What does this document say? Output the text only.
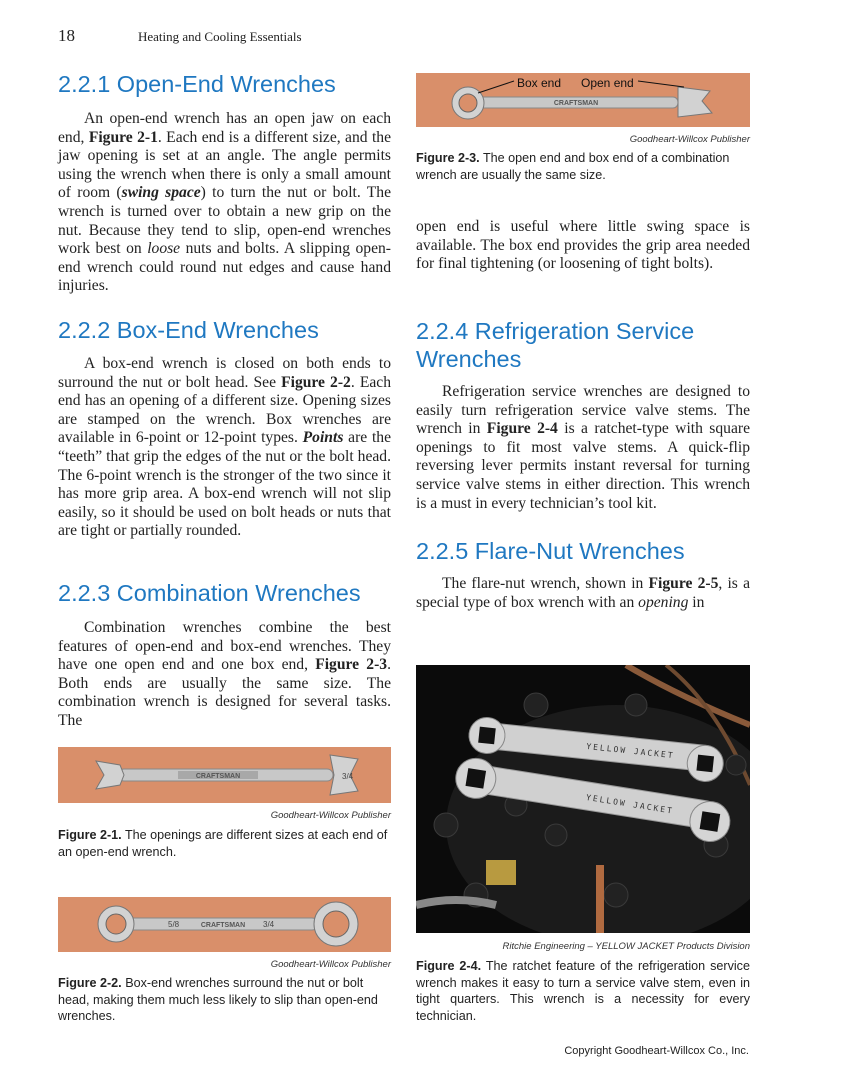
18	Heating and Cooling Essentials
2.2.1 Open-End Wrenches

An open-end wrench has an open jaw on each end, Figure 2-1. Each end is a different size, and the jaw opening is set at an angle. The angle permits using the wrench when there is only a small amount of room (swing space) to turn the nut or bolt. The wrench is turned over to obtain a new grip on the nut. Because they tend to slip, open-end wrenches work best on loose nuts and bolts. A slipping open-end wrench could round nut edges and cause hand injuries.

2.2.2 Box-End Wrenches

A box-end wrench is closed on both ends to surround the nut or bolt head. See Figure 2-2. Each end has an opening of a different size. Opening sizes are stamped on the wrench. Box wrenches are available in 6-point or 12-point types. Points are the “teeth” that grip the edges of the nut or the bolt head. The 6-point wrench is the stronger of the two since it has more grip area. A box-end wrench will not slip easily, so it should be used on bolt heads or nuts that are tight or partially rounded.

2.2.3 Combination Wrenches

Combination wrenches combine the best features of open-end and box-end wrenches. They have one open end and one box end, Figure 2-3. Both ends are usually the same size. The combination wrench is designed for several tasks. The

CRAFTSMAN	3/4
Goodheart-Willcox Publisher

Figure 2-1. The openings are different sizes at each end of an open-end wrench.

5/8	CRAFTSMAN 3/4
Goodheart-Willcox Publisher

Figure 2-2. Box-end wrenches surround the nut or bolt head, making them much less likely to slip than open-end wrenches.

CRAFTSMAN
Box end Open end
Goodheart-Willcox Publisher

Figure 2-3. The open end and box end of a combination wrench are usually the same size.

open end is useful where little swing space is available. The box end provides the grip area needed for final tightening (or loosening of tight bolts).

2.2.4 Refrigeration Service Wrenches

Refrigeration service wrenches are designed to easily turn refrigeration service valve stems. The wrench in Figure 2-4 is a ratchet-type with square openings to fit most valve stems. A quick-flip reversing lever permits instant reversal for turning service valve stems in either direction. This wrench is a must in every technician’s tool kit.

2.2.5 Flare-Nut Wrenches

The flare-nut wrench, shown in Figure 2-5, is a special type of box wrench with an opening in

YELLOW JACKET
YELLOW JACKET
Ritchie Engineering – YELLOW JACKET Products Division

Figure 2-4. The ratchet feature of the refrigeration service wrench makes it easy to turn a service valve stem, even in tight quarters. This wrench is a necessity for every technician.

Copyright Goodheart-Willcox Co., Inc.
